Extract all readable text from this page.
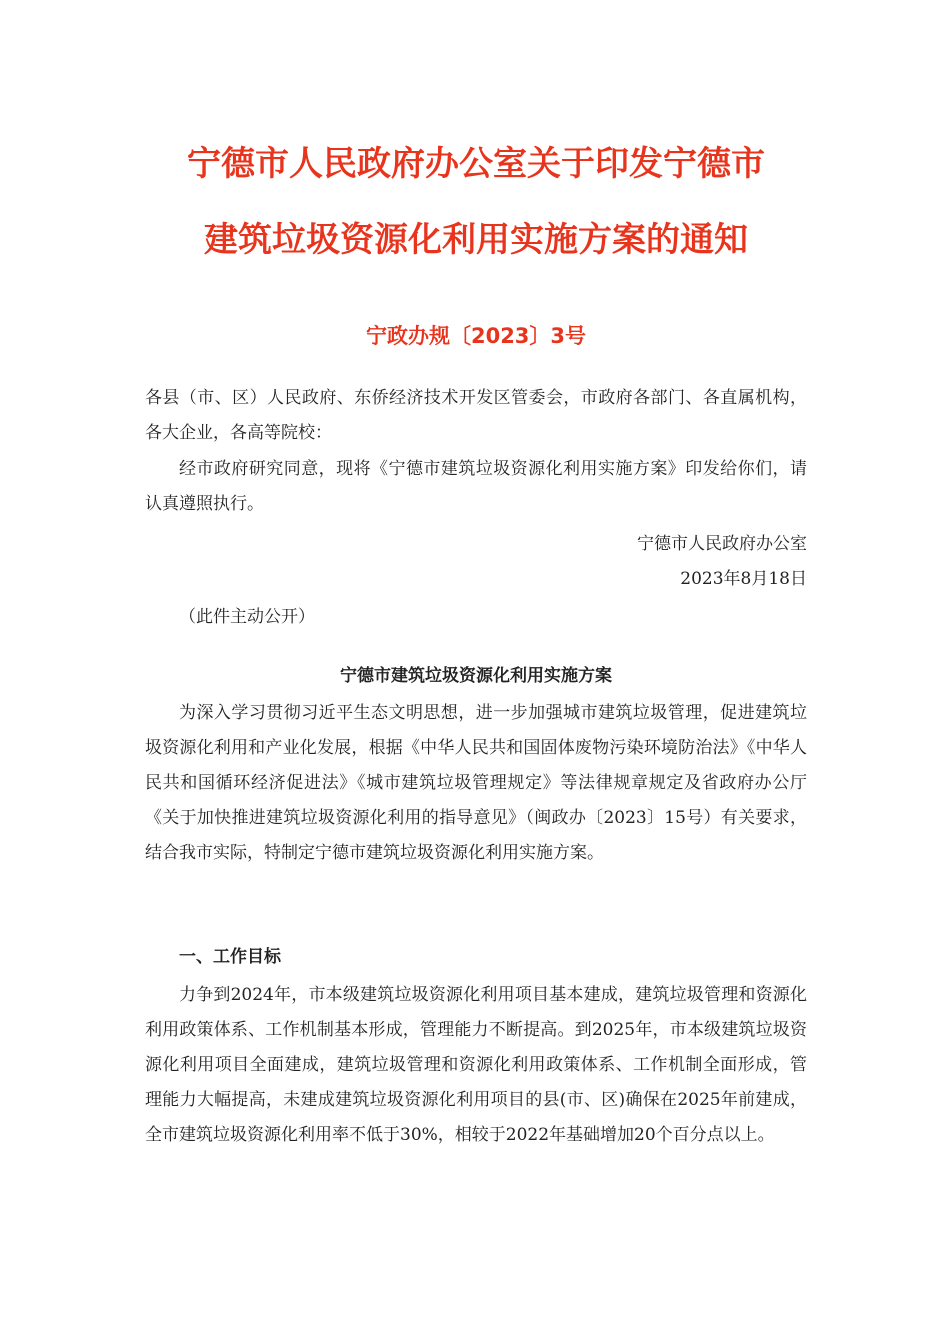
宁德市人民政府办公室关于印发宁德市
建筑垃圾资源化利用实施方案的通知
宁政办规〔2023〕3号
各县（市、区）人民政府、东侨经济技术开发区管委会，市政府各部门、各直属机构，各大企业，各高等院校：
经市政府研究同意，现将《宁德市建筑垃圾资源化利用实施方案》印发给你们，请认真遵照执行。
宁德市人民政府办公室
2023年8月18日
（此件主动公开）
宁德市建筑垃圾资源化利用实施方案
为深入学习贯彻习近平生态文明思想，进一步加强城市建筑垃圾管理，促进建筑垃圾资源化利用和产业化发展，根据《中华人民共和国固体废物污染环境防治法》《中华人民共和国循环经济促进法》《城市建筑垃圾管理规定》等法律规章规定及省政府办公厅《关于加快推进建筑垃圾资源化利用的指导意见》（闽政办〔2023〕15号）有关要求，结合我市实际，特制定宁德市建筑垃圾资源化利用实施方案。
一、工作目标
力争到2024年，市本级建筑垃圾资源化利用项目基本建成，建筑垃圾管理和资源化利用政策体系、工作机制基本形成，管理能力不断提高。到2025年，市本级建筑垃圾资源化利用项目全面建成，建筑垃圾管理和资源化利用政策体系、工作机制全面形成，管理能力大幅提高，未建成建筑垃圾资源化利用项目的县(市、区)确保在2025年前建成，全市建筑垃圾资源化利用率不低于30%，相较于2022年基础增加20个百分点以上。
